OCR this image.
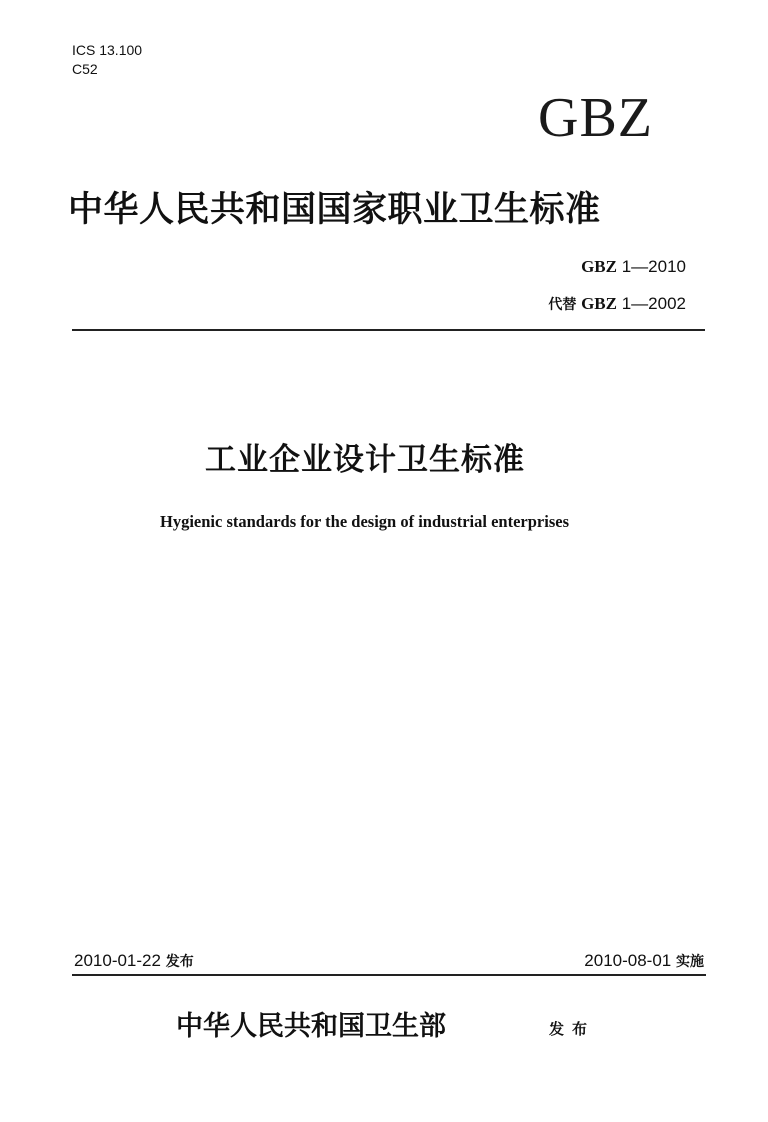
ICS 13.100
C52
GBZ
中华人民共和国国家职业卫生标准
GBZ 1—2010
代替 GBZ 1—2002
工业企业设计卫生标准
Hygienic standards for the design of industrial enterprises
2010-01-22 发布	2010-08-01 实施
中华人民共和国卫生部	发布
